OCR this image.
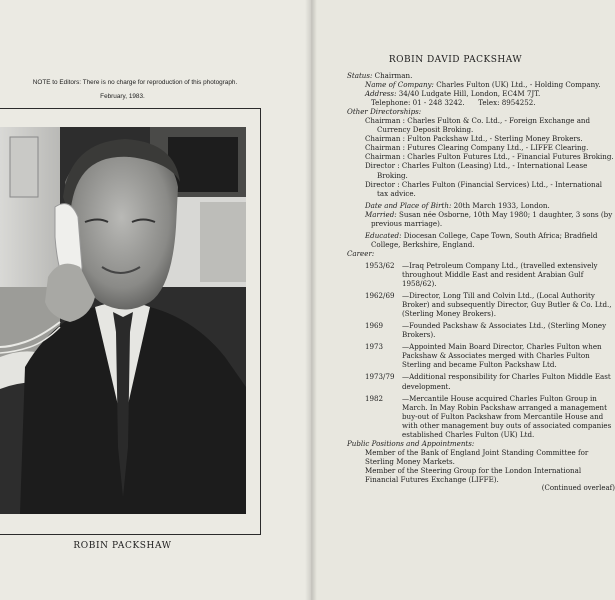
NOTE to Editors: There is no charge for reproduction of this photograph.
February, 1983.
ROBIN PACKSHAW
ROBIN DAVID PACKSHAW

Status: Chairman.

Name of Company: Charles Fulton (UK) Ltd., - Holding Company.

Address: 34/40 Ludgate Hill, London, EC4M 7JT.
Telephone: 01 - 248 3242. Telex: 8954252.

Other Directorships:

Chairman : Charles Fulton & Co. Ltd., - Foreign Exchange and Currency Deposit Broking.

Chairman : Fulton Packshaw Ltd., - Sterling Money Brokers.

Chairman : Futures Clearing Company Ltd., - LIFFE Clearing.

Chairman : Charles Fulton Futures Ltd., - Financial Futures Broking.

Director : Charles Fulton (Leasing) Ltd., - International Lease Broking.

Director : Charles Fulton (Financial Services) Ltd., - International tax advice.

Date and Place of Birth: 20th March 1933, London.

Married: Susan née Osborne, 10th May 1980; 1 daughter, 3 sons (by previous marriage).

Educated: Diocesan College, Cape Town, South Africa; Bradfield College, Berkshire, England.

Career:

1953/62 —Iraq Petroleum Company Ltd., (travelled extensively throughout Middle East and resident Arabian Gulf 1958/62).

1962/69 —Director, Long Till and Colvin Ltd., (Local Authority Broker) and subsequently Director, Guy Butler & Co. Ltd., (Sterling Money Brokers).

1969	—Founded Packshaw & Associates Ltd., (Sterling Money Brokers).

1973	—Appointed Main Board Director, Charles Fulton when Packshaw & Associates merged with Charles Fulton Sterling and became Fulton Packshaw Ltd.

1973/79 —Additional responsibility for Charles Fulton Middle East development.

1982	—Mercantile House acquired Charles Fulton Group in March. In May Robin Packshaw arranged a management buy-out of Fulton Packshaw from Mercantile House and with other management buy outs of associated companies established Charles Fulton (UK) Ltd.

Public Positions and Appointments:

Member of the Bank of England Joint Standing Committee for Sterling Money Markets.

Member of the Steering Group for the London International Financial Futures Exchange (LIFFE).

(Continued overleaf)
